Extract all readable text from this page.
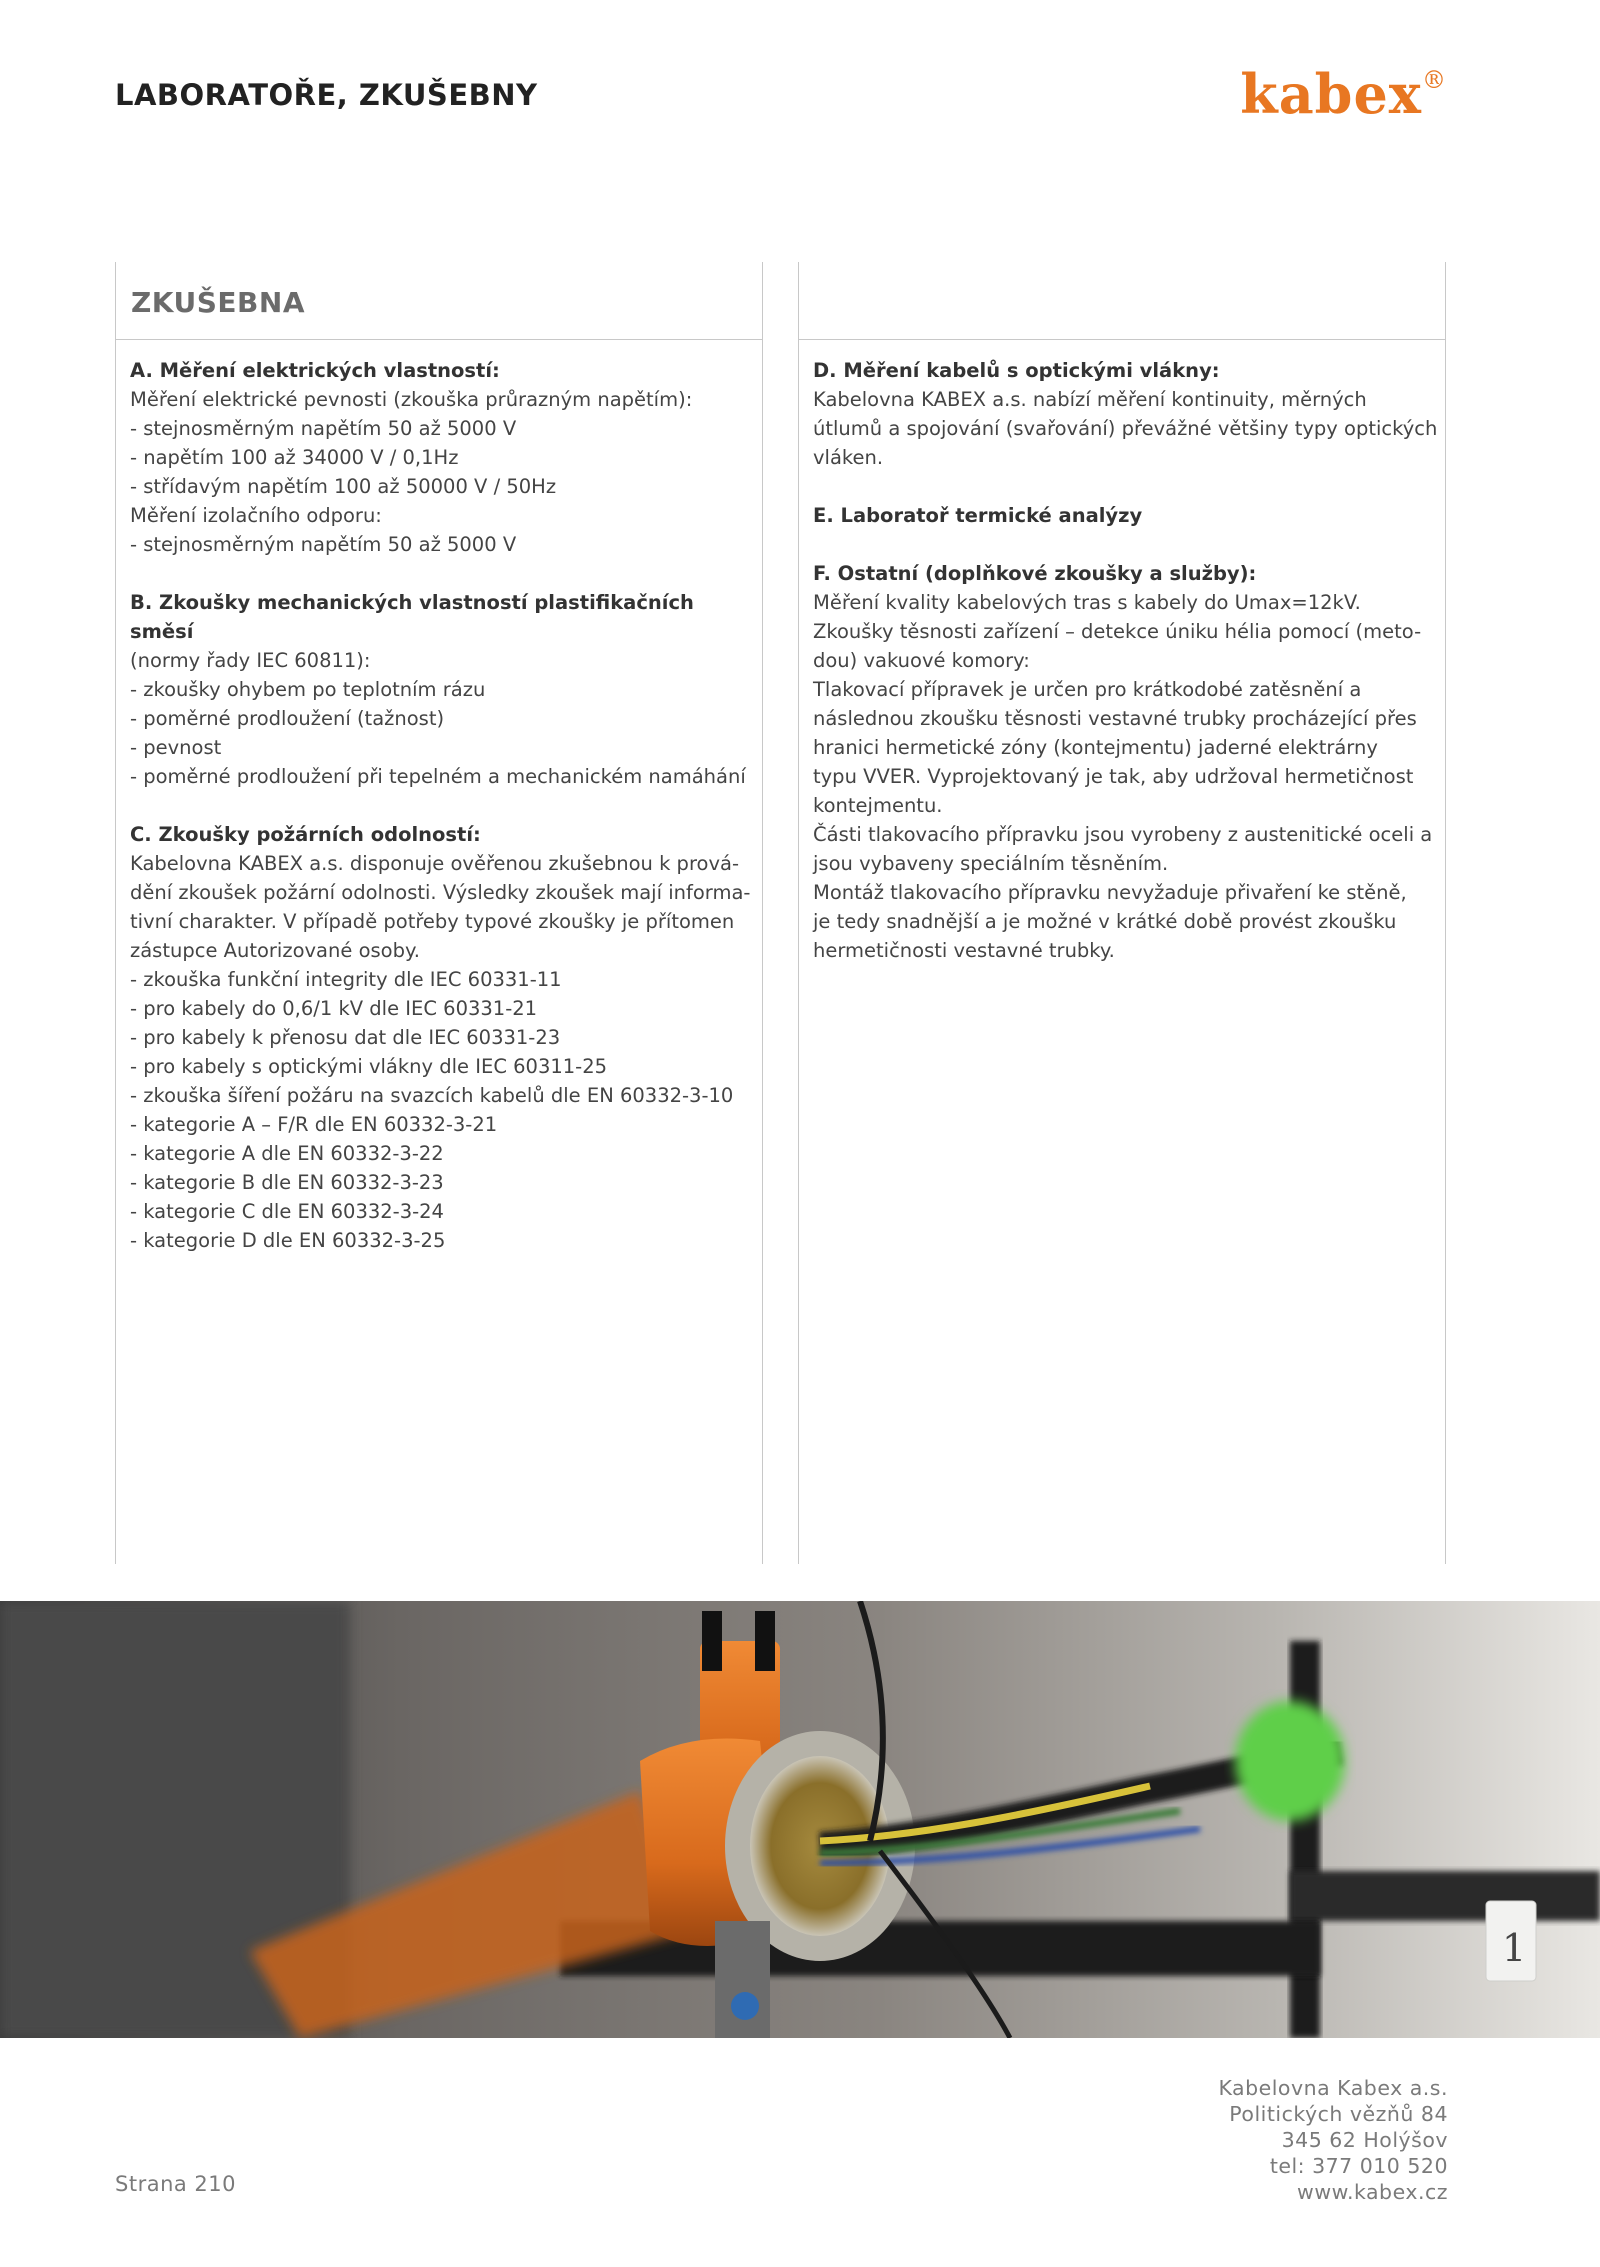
LABORATOŘE, ZKUŠEBNY	kabex®
ZKUŠEBNA
A. Měření elektrických vlastností:
Měření elektrické pevnosti (zkouška průrazným napětím):
- stejnosměrným napětím 50 až 5000 V
- napětím 100 až 34000 V / 0,1Hz
- střídavým napětím 100 až 50000 V / 50Hz
Měření izolačního odporu:
- stejnosměrným napětím 50 až 5000 V
B. Zkoušky mechanických vlastností plastifikačních směsí
(normy řady IEC 60811):
- zkoušky ohybem po teplotním rázu
- poměrné prodloužení (tažnost)
- pevnost
- poměrné prodloužení při tepelném a mechanickém namáhání
C. Zkoušky požárních odolností:
Kabelovna KABEX a.s. disponuje ověřenou zkušebnou k prová-
dění zkoušek požární odolnosti. Výsledky zkoušek mají informa-
tivní charakter. V případě potřeby typové zkoušky je přítomen
zástupce Autorizované osoby.
- zkouška funkční integrity dle IEC 60331-11
- pro kabely do 0,6/1 kV dle IEC 60331-21
- pro kabely k přenosu dat dle IEC 60331-23
- pro kabely s optickými vlákny dle IEC 60311-25
- zkouška šíření požáru na svazcích kabelů dle EN 60332-3-10
- kategorie A – F/R dle EN 60332-3-21
- kategorie A dle EN 60332-3-22
- kategorie B dle EN 60332-3-23
- kategorie C dle EN 60332-3-24
- kategorie D dle EN 60332-3-25
D. Měření kabelů s optickými vlákny:
Kabelovna KABEX a.s. nabízí měření kontinuity, měrných
útlumů a spojování (svařování) převážné většiny typy optických
vláken.
E. Laboratoř termické analýzy
F. Ostatní (doplňkové zkoušky a služby):
Měření kvality kabelových tras s kabely do Umax=12kV.
Zkoušky těsnosti zařízení – detekce úniku hélia pomocí (meto-
dou) vakuové komory:
Tlakovací přípravek je určen pro krátkodobé zatěsnění a
následnou zkoušku těsnosti vestavné trubky procházející přes
hranici hermetické zóny (kontejmentu) jaderné elektrárny
typu VVER. Vyprojektovaný je tak, aby udržoval hermetičnost
kontejmentu.
Části tlakovacího přípravku jsou vyrobeny z austenitické oceli a
jsou vybaveny speciálním těsněním.
Montáž tlakovacího přípravku nevyžaduje přivaření ke stěně,
je tedy snadnější a je možné v krátké době provést zkoušku
hermetičnosti vestavné trubky.
1
Strana 210
Kabelovna Kabex a.s.
Politických vězňů 84
345 62 Holýšov
tel: 377 010 520
www.kabex.cz
